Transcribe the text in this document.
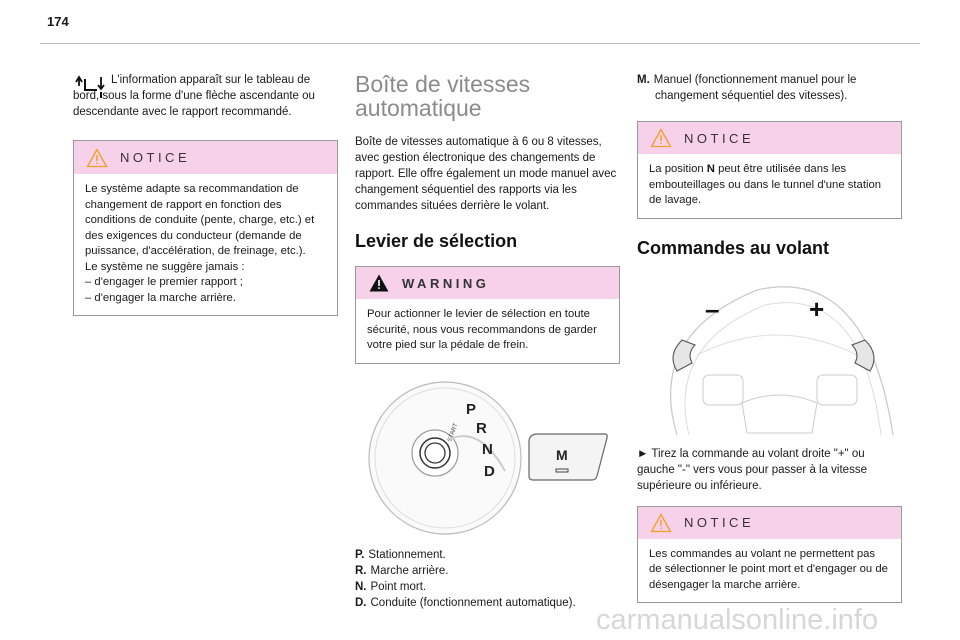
174

L'information apparaît sur le tableau de bord, sous la forme d'une flèche ascendante ou descendante avec le rapport recommandé.

NOTICE

Le système adapte sa recommandation de changement de rapport en fonction des conditions de conduite (pente, charge, etc.) et des exigences du conducteur (demande de puissance, d'accélération, de freinage, etc.).

Le système ne suggère jamais :

– d'engager le premier rapport ;

– d'engager la marche arrière.

Boîte de vitesses automatique

Boîte de vitesses automatique à 6 ou 8 vitesses, avec gestion électronique des changements de rapport. Elle offre également un mode manuel avec changement séquentiel des rapports via les commandes situées derrière le volant.

Levier de sélection
WARNING

Pour actionner le levier de sélection en toute sécurité, nous vous recommandons de garder votre pied sur la pédale de frein.

START
P
R
N
D
M
P. Stationnement.
R. Marche arrière.
N. Point mort.
D. Conduite (fonctionnement automatique).
M. Manuel (fonctionnement manuel pour le changement séquentiel des vitesses).
NOTICE

La position N peut être utilisée dans les embouteillages ou dans le tunnel d'une station de lavage.

Commandes au volant
–	+

► Tirez la commande au volant droite "+" ou gauche "-" vers vous pour passer à la vitesse supérieure ou inférieure.

NOTICE

Les commandes au volant ne permettent pas de sélectionner le point mort et d'engager ou de désengager la marche arrière.

carmanualsonline.info
